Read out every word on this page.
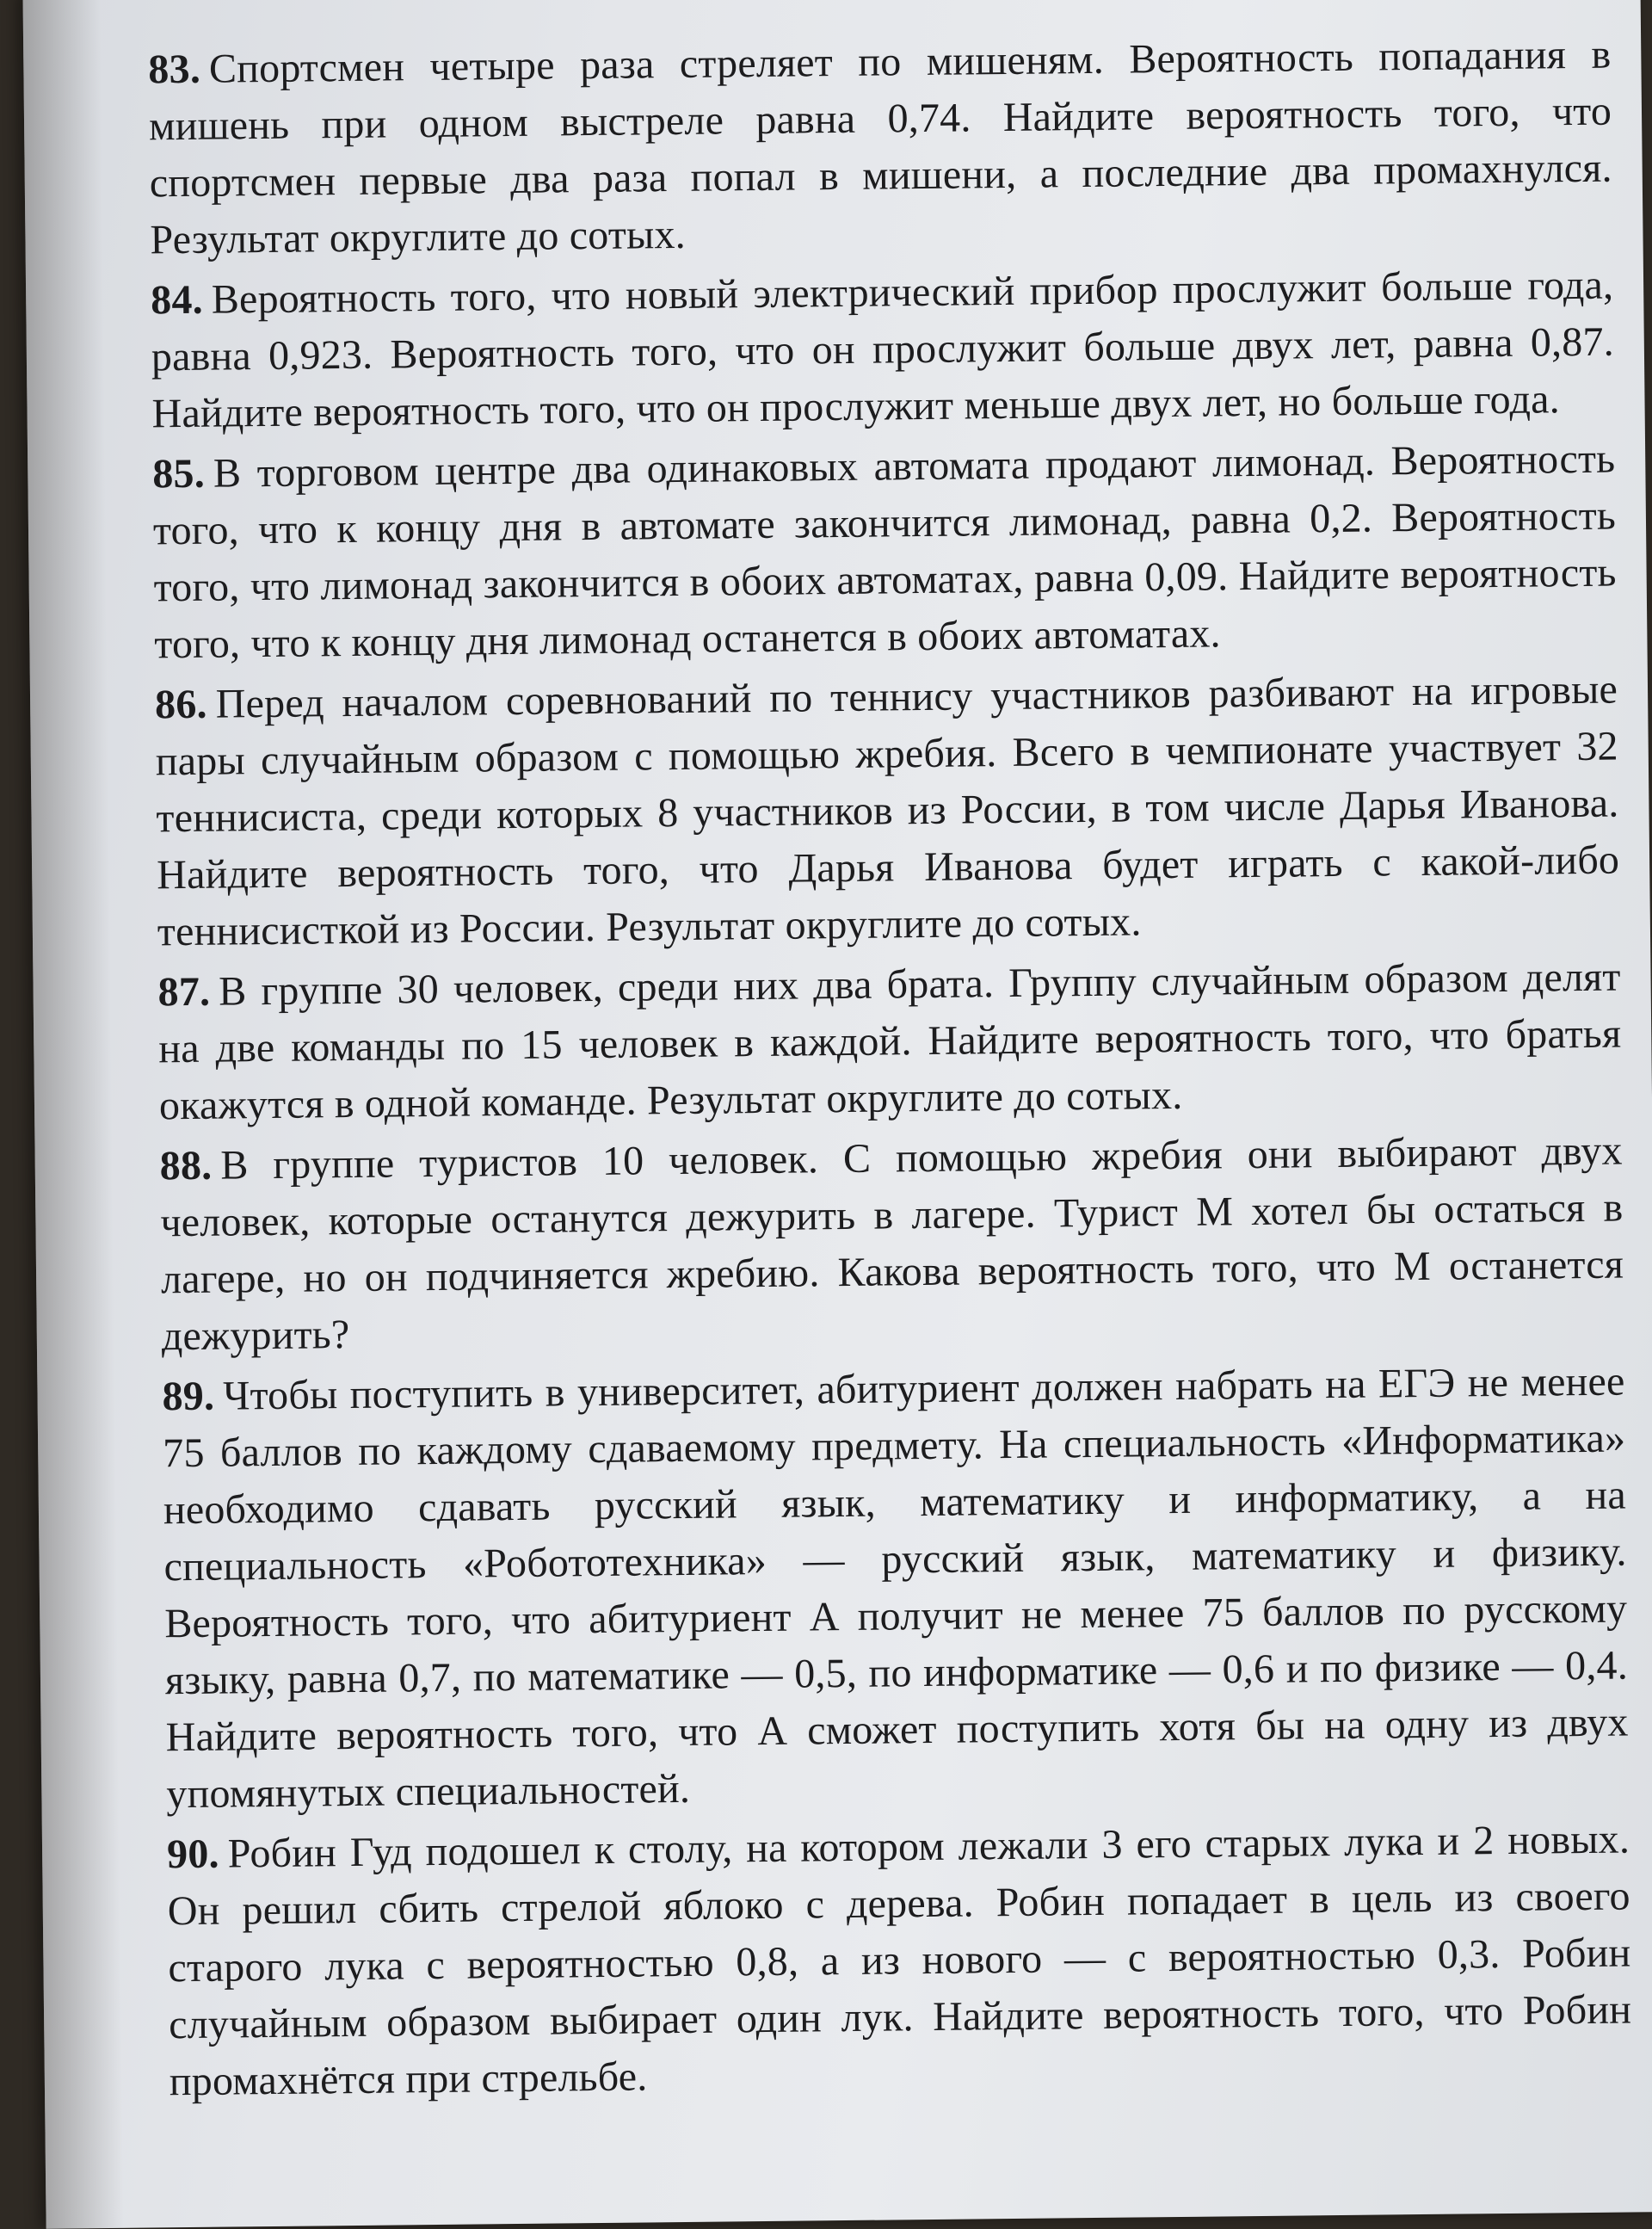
83. Спортсмен четыре раза стреляет по мишеням. Вероятность попадания в мишень при одном выстреле равна 0,74. Найдите вероятность того, что спортсмен первые два раза попал в мишени, а последние два промахнулся. Результат округлите до сотых.

84. Вероятность того, что новый электрический прибор прослужит больше года, равна 0,923. Вероятность того, что он прослужит больше двух лет, равна 0,87. Найдите вероятность того, что он прослужит меньше двух лет, но больше года.

85. В торговом центре два одинаковых автомата продают лимонад. Вероятность того, что к концу дня в автомате закончится лимонад, равна 0,2. Вероятность того, что лимонад закончится в обоих автоматах, равна 0,09. Найдите вероятность того, что к концу дня лимонад останется в обоих автоматах.

86. Перед началом соревнований по теннису участников разбивают на игровые пары случайным образом с помощью жребия. Всего в чемпионате участвует 32 теннисиста, среди которых 8 участников из России, в том числе Дарья Иванова. Найдите вероятность того, что Дарья Иванова будет играть с какой-либо теннисисткой из России. Результат округлите до сотых.

87. В группе 30 человек, среди них два брата. Группу случайным образом делят на две команды по 15 человек в каждой. Найдите вероятность того, что братья окажутся в одной команде. Результат округлите до сотых.

88. В группе туристов 10 человек. С помощью жребия они выбирают двух человек, которые останутся дежурить в лагере. Турист М хотел бы остаться в лагере, но он подчиняется жребию. Какова вероятность того, что М останется дежурить?

89. Чтобы поступить в университет, абитуриент должен набрать на ЕГЭ не менее 75 баллов по каждому сдаваемому предмету. На специальность «Информатика» необходимо сдавать русский язык, математику и информатику, а на специальность «Робототехника» — русский язык, математику и физику. Вероятность того, что абитуриент А получит не менее 75 баллов по русскому языку, равна 0,7, по математике — 0,5, по информатике — 0,6 и по физике — 0,4. Найдите вероятность того, что А сможет поступить хотя бы на одну из двух упомянутых специальностей.

90. Робин Гуд подошел к столу, на котором лежали 3 его старых лука и 2 новых. Он решил сбить стрелой яблоко с дерева. Робин попадает в цель из своего старого лука с вероятностью 0,8, а из нового — с вероятностью 0,3. Робин случайным образом выбирает один лук. Найдите вероятность того, что Робин промахнётся при стрельбе.
